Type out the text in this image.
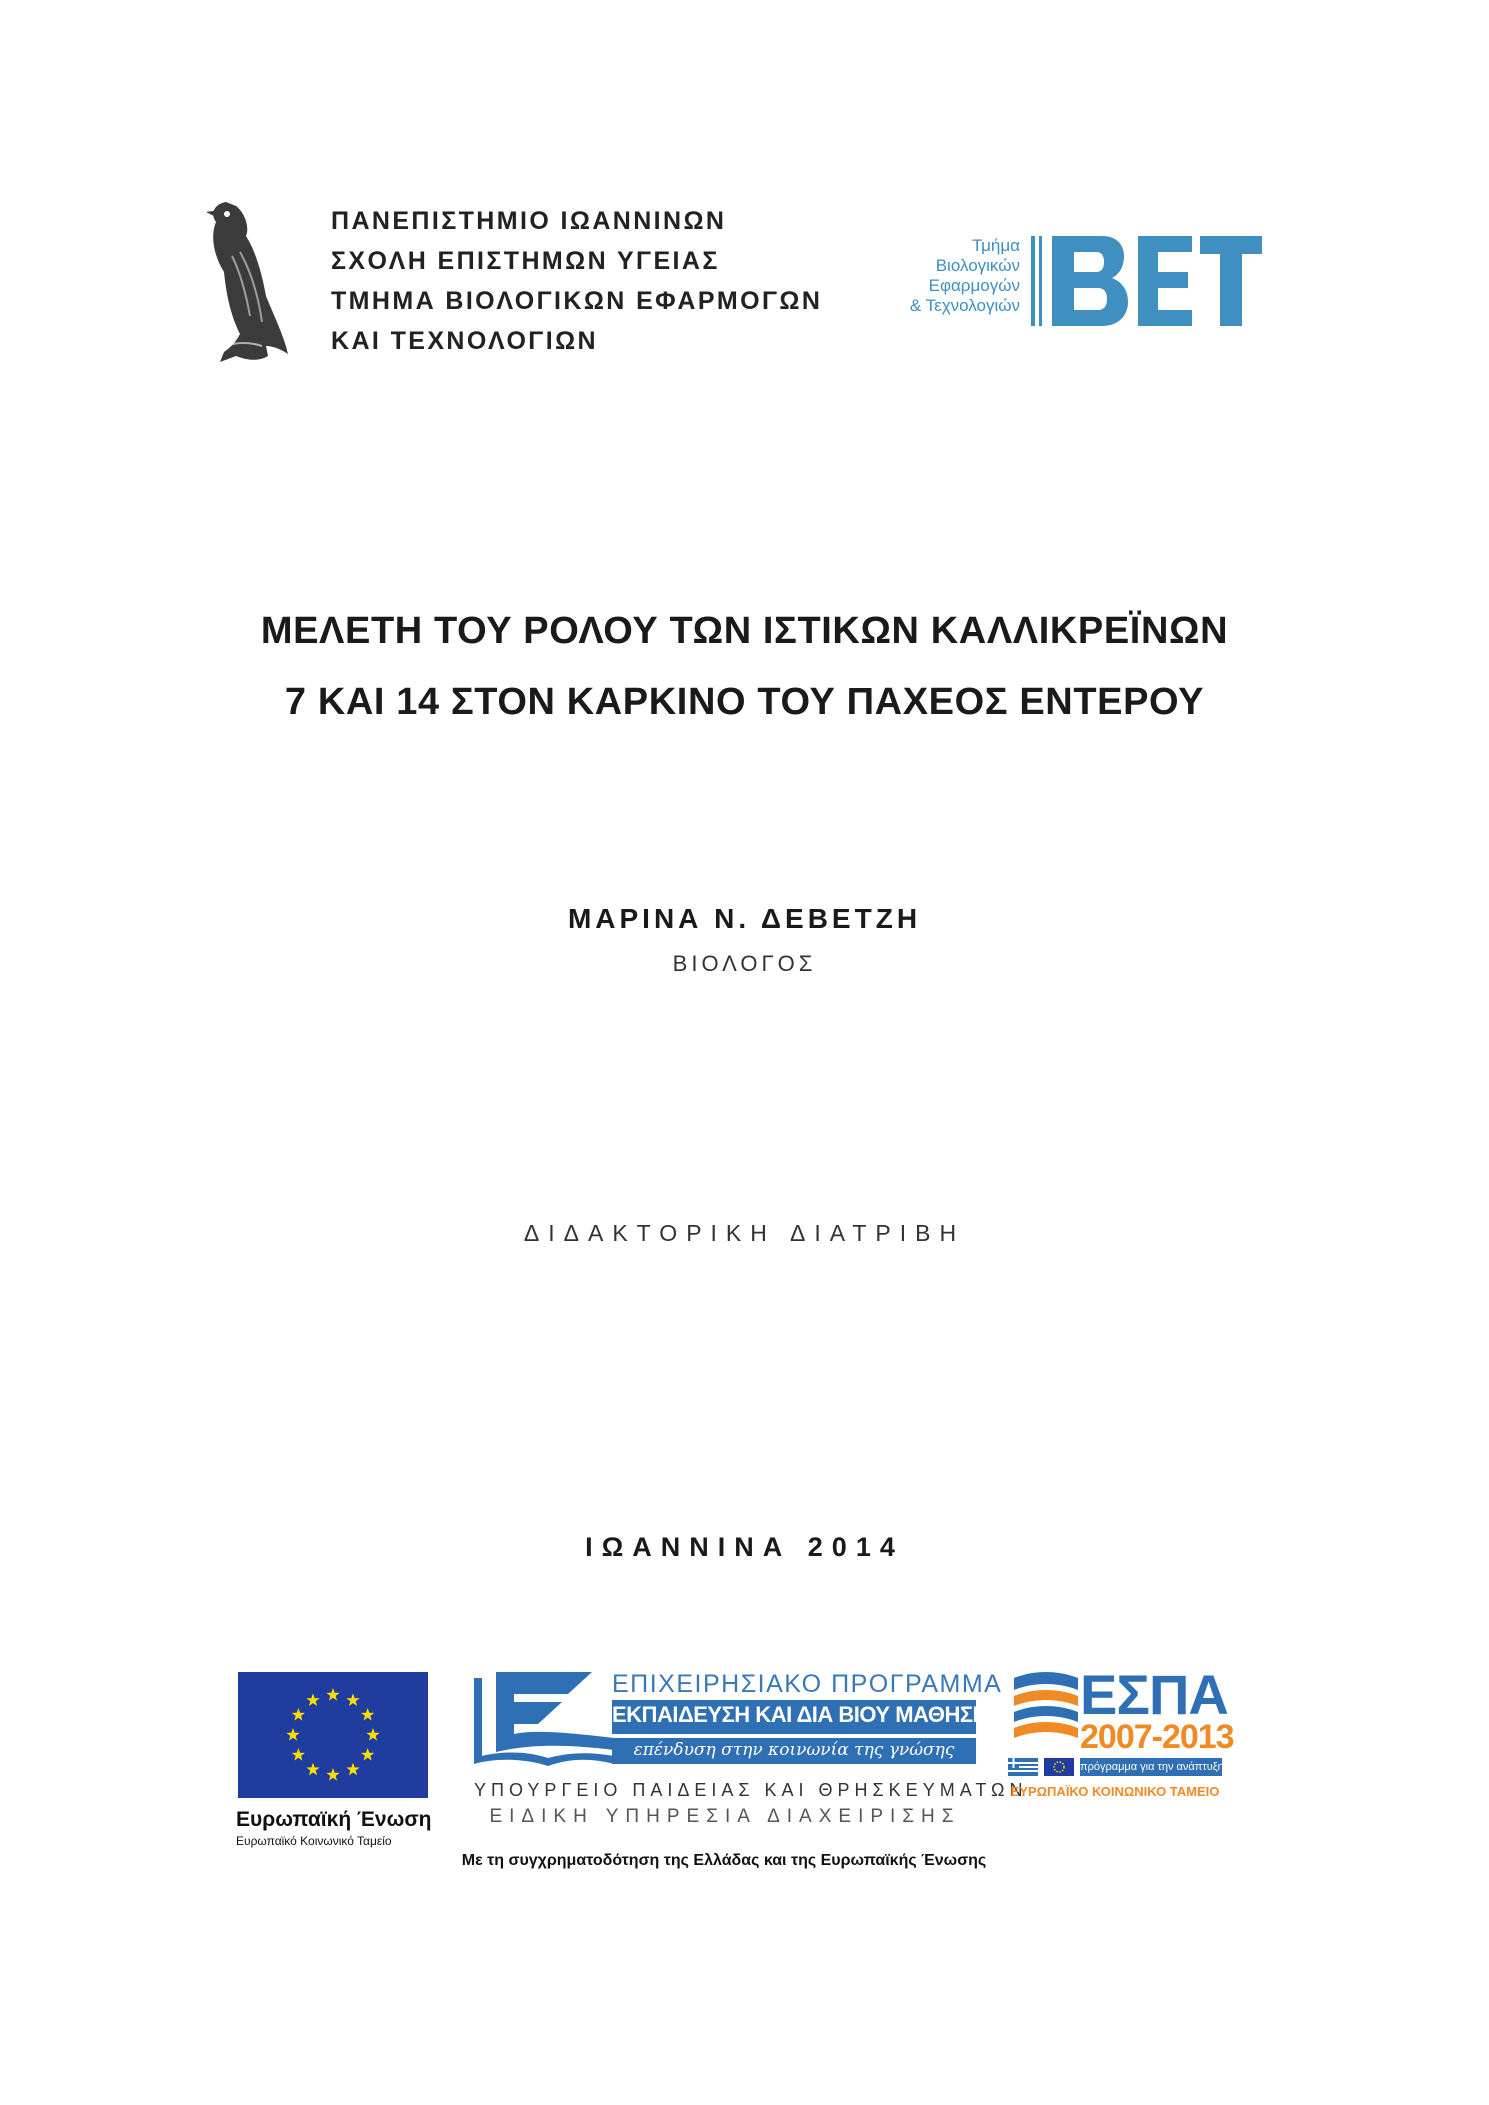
ΠΑΝΕΠΙΣΤΗΜΙΟ ΙΩΑΝΝΙΝΩΝ
ΣΧΟΛΗ ΕΠΙΣΤΗΜΩΝ ΥΓΕΙΑΣ
ΤΜΗΜΑ ΒΙΟΛΟΓΙΚΩΝ ΕΦΑΡΜΟΓΩΝ
ΚΑΙ ΤΕΧΝΟΛΟΓΙΩΝ
Τμήμα
Βιολογικών
Εφαρμογών
& Τεχνολογιών
ΜΕΛΕΤΗ ΤΟΥ ΡΟΛΟΥ ΤΩΝ ΙΣΤΙΚΩΝ ΚΑΛΛΙΚΡΕΪΝΩΝ
7 ΚΑΙ 14 ΣΤΟΝ ΚΑΡΚΙΝΟ ΤΟΥ ΠΑΧΕΟΣ ΕΝΤΕΡΟΥ
ΜΑΡΙΝΑ Ν. ΔΕΒΕΤΖΗ
ΒΙΟΛΟΓΟΣ
ΔΙΔΑΚΤΟΡΙΚΗ ΔΙΑΤΡΙΒΗ
ΙΩΑΝΝΙΝΑ 2014
Ευρωπαϊκή Ένωση
Ευρωπαϊκό Κοινωνικό Ταμείο
ΕΠΙΧΕΙΡΗΣΙΑΚΟ ΠΡΟΓΡΑΜΜΑ
ΕΚΠΑΙΔΕΥΣΗ ΚΑΙ ΔΙΑ ΒΙΟΥ ΜΑΘΗΣΗ
επένδυση στην κοινωνία της γνώσης
ΥΠΟΥΡΓΕΙΟ ΠΑΙΔΕΙΑΣ ΚΑΙ ΘΡΗΣΚΕΥΜΑΤΩΝ
ΕΙΔΙΚΗ ΥΠΗΡΕΣΙΑ ΔΙΑΧΕΙΡΙΣΗΣ
ΕΣΠΑ
2007-2013
πρόγραμμα για την ανάπτυξη
ΕΥΡΩΠΑΪΚΟ ΚΟΙΝΩΝΙΚΟ ΤΑΜΕΙΟ
Με τη συγχρηματοδότηση της Ελλάδας και της Ευρωπαϊκής Ένωσης
